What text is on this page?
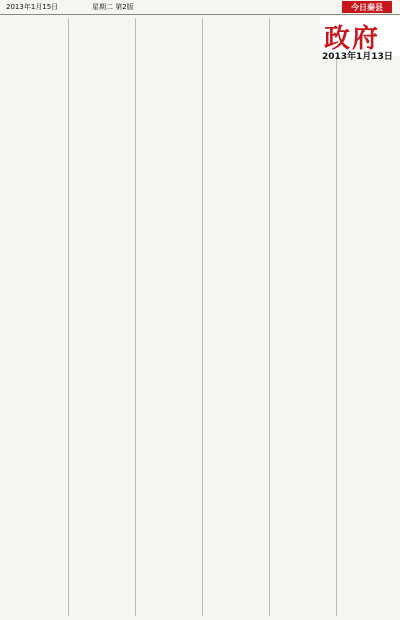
2013年1月15日	星期二 第2版	今日秦县
政府
2013年1月13日
